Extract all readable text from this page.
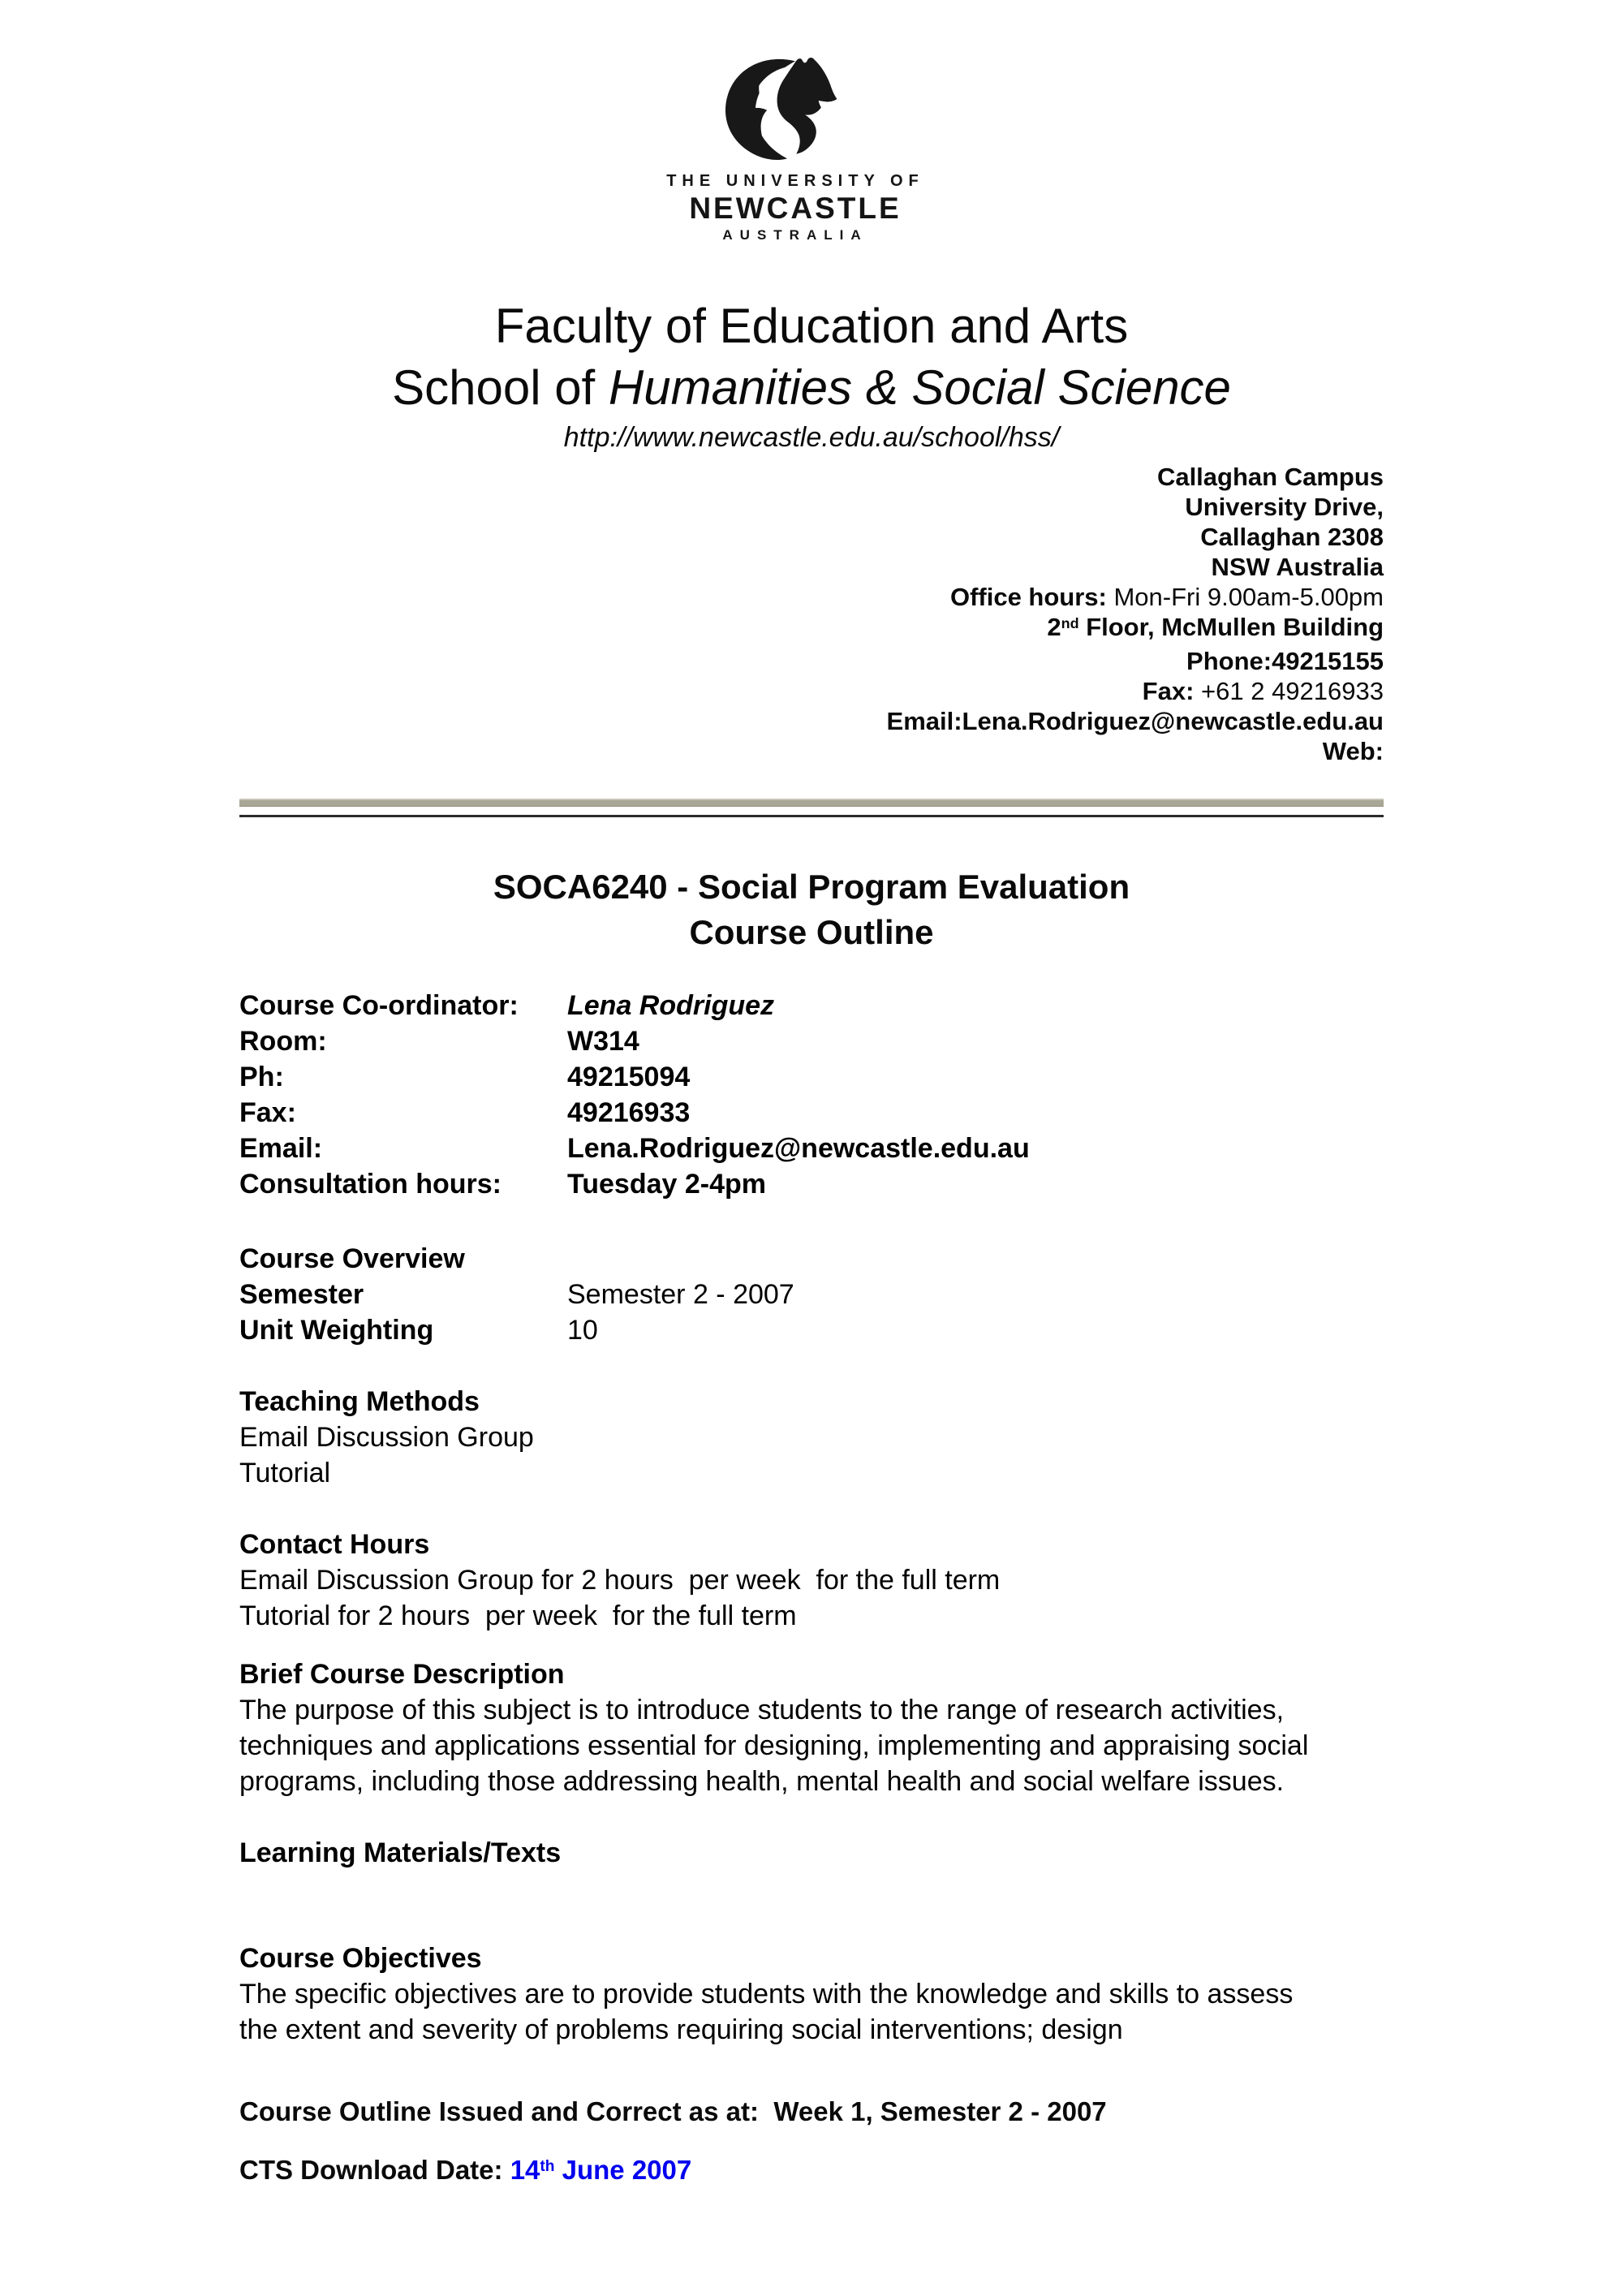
THE UNIVERSITY OF
NEWCASTLE
AUSTRALIA
Faculty of Education and Arts
School of Humanities & Social Science
http://www.newcastle.edu.au/school/hss/
Callaghan Campus
University Drive,
Callaghan 2308
NSW Australia
Office hours: Mon-Fri 9.00am-5.00pm
2nd Floor, McMullen Building
Phone:49215155
Fax: +61 2 49216933
Email:Lena.Rodriguez@newcastle.edu.au
Web:
SOCA6240 - Social Program Evaluation
Course Outline
Course Co-ordinator:	Lena Rodriguez
Room:	W314
Ph:	49215094
Fax:	49216933
Email:	Lena.Rodriguez@newcastle.edu.au
Consultation hours:	Tuesday 2-4pm
Course Overview
Semester	Semester 2 - 2007
Unit Weighting	10
Teaching Methods
Email Discussion Group
Tutorial
Contact Hours
Email Discussion Group for 2 hours  per week  for the full term
Tutorial for 2 hours  per week  for the full term
Brief Course Description
The purpose of this subject is to introduce students to the range of research activities, techniques and applications essential for designing, implementing and appraising social programs, including those addressing health, mental health and social welfare issues.
Learning Materials/Texts
Course Objectives
The specific objectives are to provide students with the knowledge and skills to assess the extent and severity of problems requiring social interventions; design
Course Outline Issued and Correct as at:  Week 1, Semester 2 - 2007
CTS Download Date: 14th June 2007
